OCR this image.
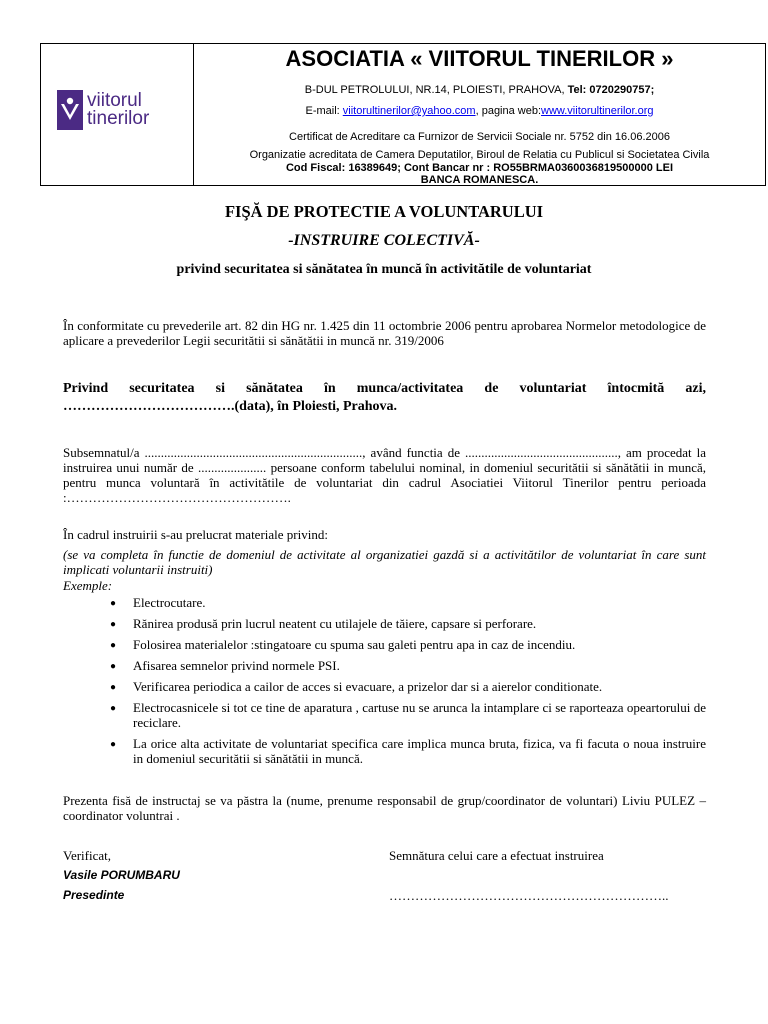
viitorul
tinerilor
ASOCIATIA « VIITORUL TINERILOR »
B-DUL PETROLULUI, NR.14, PLOIESTI, PRAHOVA, Tel: 0720290757;
E-mail: viitorultinerilor@yahoo.com, pagina web:www.viitorultinerilor.org
Certificat de Acreditare ca Furnizor de Servicii Sociale nr. 5752 din 16.06.2006
Organizatie acreditata de Camera Deputatilor, Biroul de Relatia cu Publicul si Societatea Civila
Cod Fiscal: 16389649; Cont Bancar nr : RO55BRMA0360036819500000 LEI
BANCA ROMANESCA.
FIŞĂ DE PROTECTIE A VOLUNTARULUI
-INSTRUIRE COLECTIVĂ-
privind securitatea si sănătatea în muncă în activitătile de voluntariat
În conformitate cu prevederile art. 82 din HG nr. 1.425 din 11 octombrie 2006 pentru aprobarea Normelor metodologice de aplicare a prevederilor Legii securitătii si sănătătii in muncă nr. 319/2006
Privind securitatea si sănătatea în munca/activitatea de voluntariat întocmită azi, ……………………………….(data), în Ploiesti, Prahova.
Subsemnatul/a ..................................................................., având functia de ..............................................., am procedat la instruirea unui număr de ..................... persoane conform tabelului nominal, in domeniul securitătii si sănătătii in muncă, pentru munca voluntară în activitătile de voluntariat din cadrul Asociatiei Viitorul Tinerilor pentru perioada :…………………………………………….
În cadrul instruirii s-au prelucrat materiale privind:
(se va completa în functie de domeniul de activitate al organizatiei gazdă si a activitătilor de voluntariat în care sunt implicati voluntarii instruiti)
Exemple:
● Electrocutare.
● Rănirea produsă prin lucrul neatent cu utilajele de tăiere, capsare si perforare.
● Folosirea materialelor :stingatoare cu spuma sau galeti pentru apa in caz de incendiu.
● Afisarea semnelor privind normele PSI.
● Verificarea periodica a cailor de acces si evacuare, a prizelor dar si a aierelor conditionate.
● Electrocasnicele si tot ce tine de aparatura , cartuse nu se arunca la intamplare ci se raporteaza opeartorului de reciclare.
● La orice alta activitate de voluntariat specifica care implica munca bruta, fizica, va fi facuta o noua instruire in domeniul securitătii si sănătătii in muncă.
Prezenta fisă de instructaj se va păstra la (nume, prenume responsabil de grup/coordinator de voluntari) Liviu PULEZ – coordinator voluntrai .
Verificat,
Vasile PORUMBARU
Presedinte
Semnătura celui care a efectuat instruirea
………………………………………………………..
